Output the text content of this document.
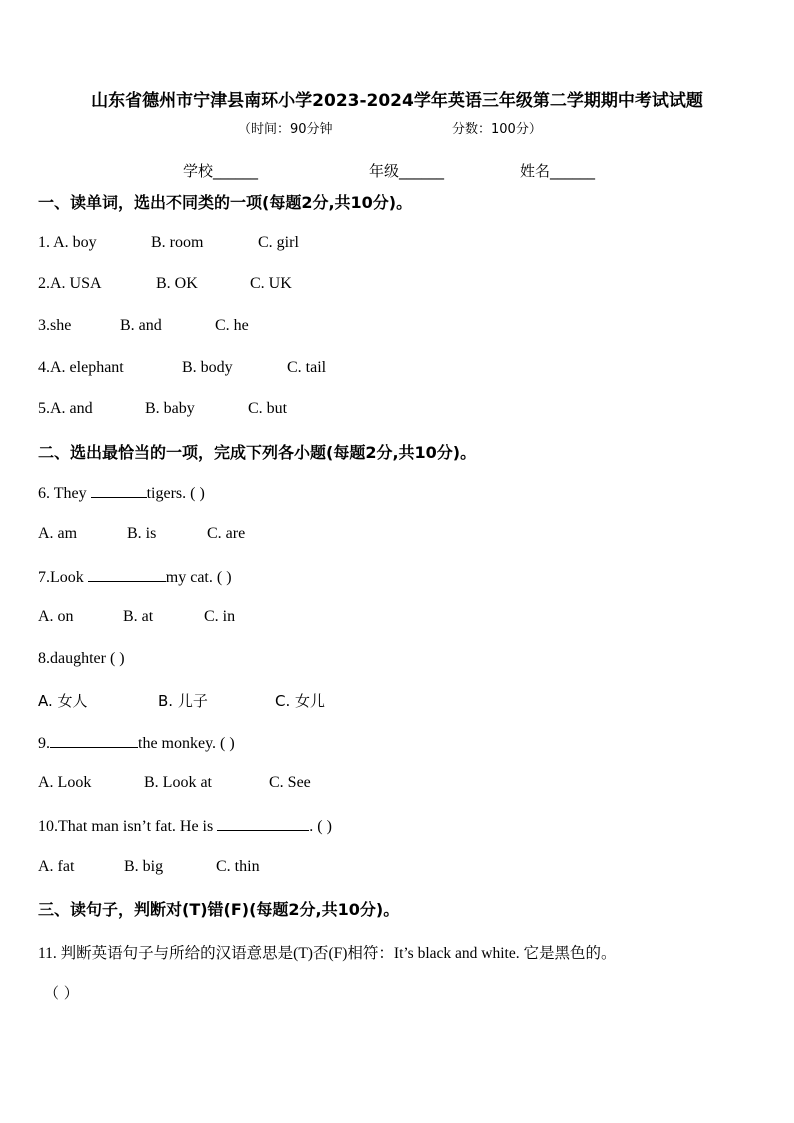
山东省德州市宁津县南环小学2023-2024学年英语三年级第二学期期中考试试题
（时间：90分钟	分数：100分）
学校______	年级______	姓名______
一、读单词，选出不同类的一项(每题2分,共10分)。
1. A. boy	B. room	C. girl
2.A. USA	B. OK	C. UK
3.she	B. and	C. he
4.A. elephant	B. body	C. tail
5.A. and	B. baby	C. but
二、选出最恰当的一项，完成下列各小题(每题2分,共10分)。
6. They	tigers. ( )
A. am	B. is	C. are
7.Look	my cat. ( )
A. on	B. at	C. in
8.daughter ( )
A. 女人	B. 儿子	C. 女儿
9.	the monkey. ( )
A. Look	B. Look at	C. See
10.That man isn’t fat. He is	. ( )
A. fat	B. big	C. thin
三、读句子，判断对(T)错(F)(每题2分,共10分)。
11. 判断英语句子与所给的汉语意思是(T)否(F)相符：It’s black and white. 它是黑色的。
（ ）
